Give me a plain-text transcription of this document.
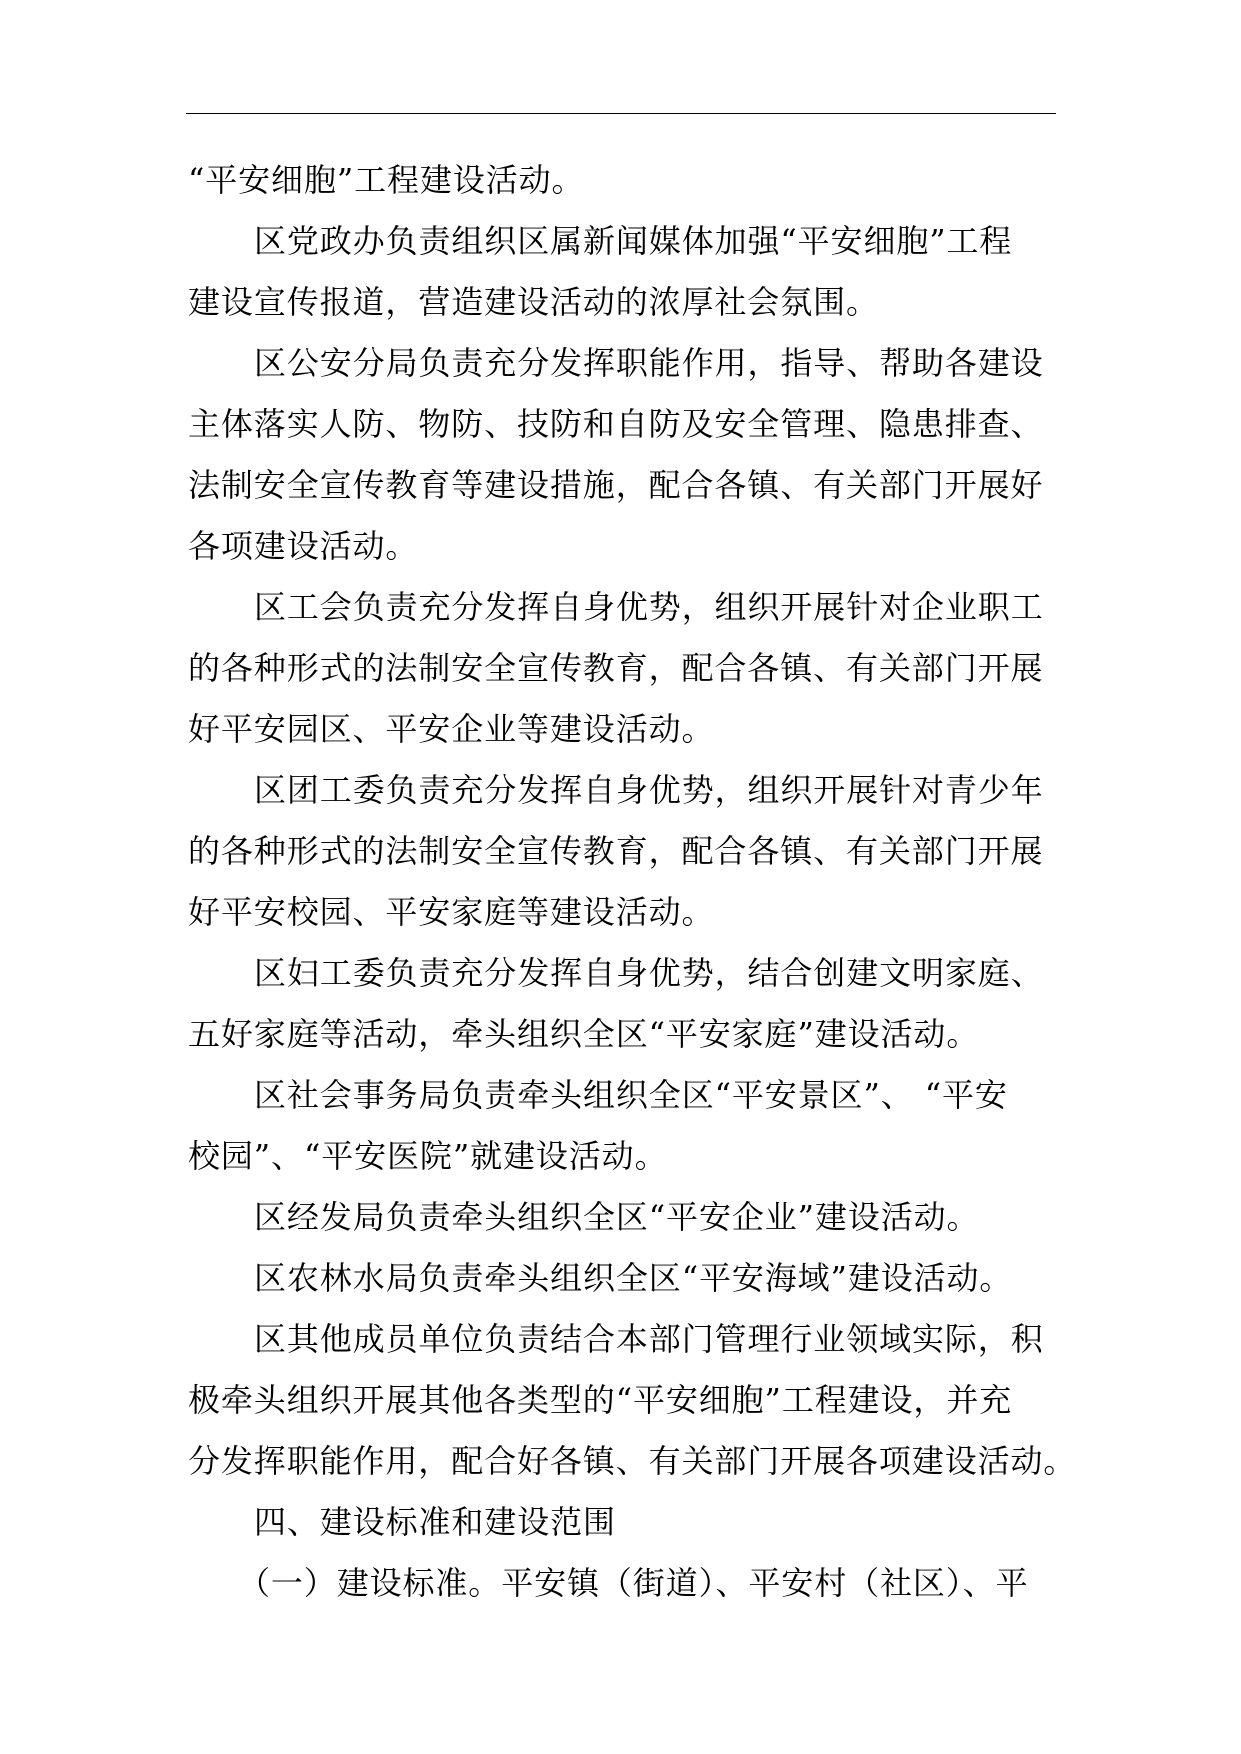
“平安细胞”工程建设活动。
区党政办负责组织区属新闻媒体加强“平安细胞”工程
建设宣传报道，营造建设活动的浓厚社会氛围。
区公安分局负责充分发挥职能作用，指导、帮助各建设
主体落实人防、物防、技防和自防及安全管理、隐患排查、
法制安全宣传教育等建设措施，配合各镇、有关部门开展好
各项建设活动。
区工会负责充分发挥自身优势，组织开展针对企业职工
的各种形式的法制安全宣传教育，配合各镇、有关部门开展
好平安园区、平安企业等建设活动。
区团工委负责充分发挥自身优势，组织开展针对青少年
的各种形式的法制安全宣传教育，配合各镇、有关部门开展
好平安校园、平安家庭等建设活动。
区妇工委负责充分发挥自身优势，结合创建文明家庭、
五好家庭等活动，牵头组织全区“平安家庭”建设活动。
区社会事务局负责牵头组织全区“平安景区”、 “平安
校园”、“平安医院”就建设活动。
区经发局负责牵头组织全区“平安企业”建设活动。
区农林水局负责牵头组织全区“平安海域”建设活动。
区其他成员单位负责结合本部门管理行业领域实际，积
极牵头组织开展其他各类型的“平安细胞”工程建设，并充
分发挥职能作用，配合好各镇、有关部门开展各项建设活动。
四、建设标准和建设范围
（一）建设标准。平安镇（街道）、平安村（社区）、平
